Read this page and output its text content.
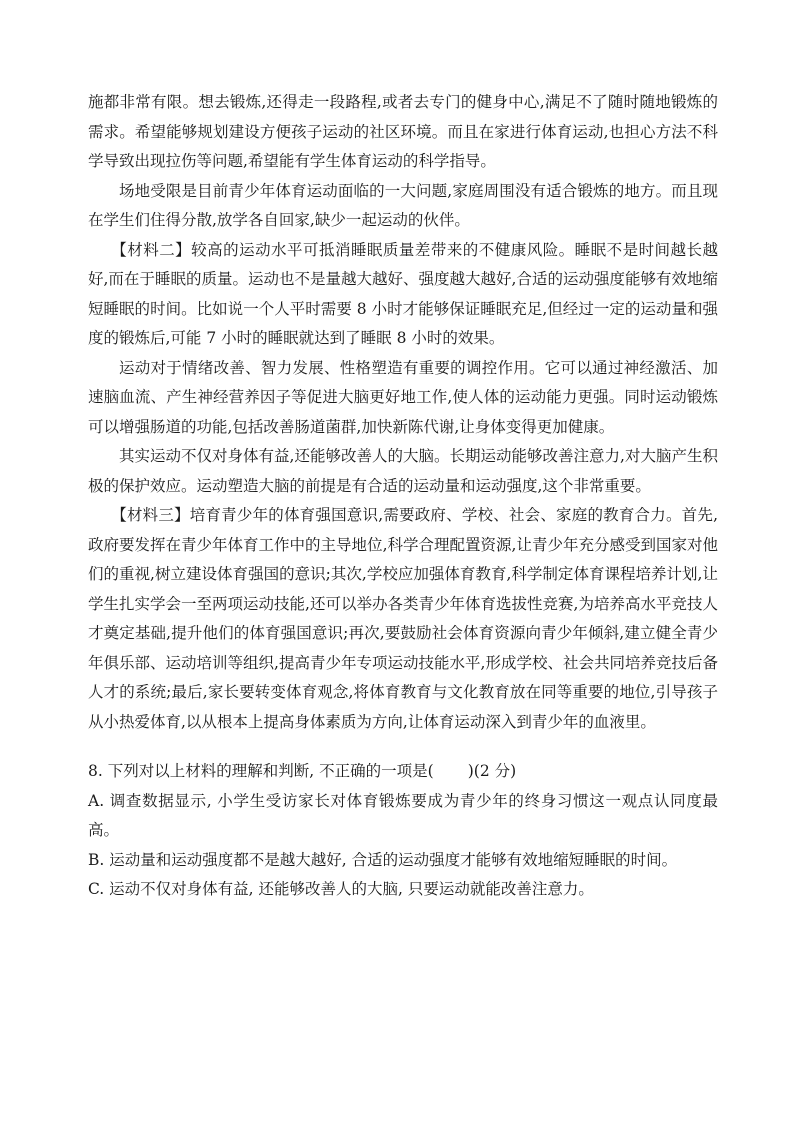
施都非常有限。想去锻炼,还得走一段路程,或者去专门的健身中心,满足不了随时随地锻炼的需求。希望能够规划建设方便孩子运动的社区环境。而且在家进行体育运动,也担心方法不科学导致出现拉伤等问题,希望能有学生体育运动的科学指导。

场地受限是目前青少年体育运动面临的一大问题,家庭周围没有适合锻炼的地方。而且现在学生们住得分散,放学各自回家,缺少一起运动的伙伴。

【材料二】较高的运动水平可抵消睡眠质量差带来的不健康风险。睡眠不是时间越长越好,而在于睡眠的质量。运动也不是量越大越好、强度越大越好,合适的运动强度能够有效地缩短睡眠的时间。比如说一个人平时需要 8 小时才能够保证睡眠充足,但经过一定的运动量和强度的锻炼后,可能 7 小时的睡眠就达到了睡眠 8 小时的效果。

运动对于情绪改善、智力发展、性格塑造有重要的调控作用。它可以通过神经激活、加速脑血流、产生神经营养因子等促进大脑更好地工作,使人体的运动能力更强。同时运动锻炼可以增强肠道的功能,包括改善肠道菌群,加快新陈代谢,让身体变得更加健康。

其实运动不仅对身体有益,还能够改善人的大脑。长期运动能够改善注意力,对大脑产生积极的保护效应。运动塑造大脑的前提是有合适的运动量和运动强度,这个非常重要。

【材料三】培育青少年的体育强国意识,需要政府、学校、社会、家庭的教育合力。首先,政府要发挥在青少年体育工作中的主导地位,科学合理配置资源,让青少年充分感受到国家对他们的重视,树立建设体育强国的意识;其次,学校应加强体育教育,科学制定体育课程培养计划,让学生扎实学会一至两项运动技能,还可以举办各类青少年体育选拔性竞赛,为培养高水平竞技人才奠定基础,提升他们的体育强国意识;再次,要鼓励社会体育资源向青少年倾斜,建立健全青少年俱乐部、运动培训等组织,提高青少年专项运动技能水平,形成学校、社会共同培养竞技后备人才的系统;最后,家长要转变体育观念,将体育教育与文化教育放在同等重要的地位,引导孩子从小热爱体育,以从根本上提高身体素质为方向,让体育运动深入到青少年的血液里。

8. 下列对以上材料的理解和判断, 不正确的一项是( )(2 分)

A. 调查数据显示, 小学生受访家长对体育锻炼要成为青少年的终身习惯这一观点认同度最高。

B. 运动量和运动强度都不是越大越好, 合适的运动强度才能够有效地缩短睡眠的时间。

C. 运动不仅对身体有益, 还能够改善人的大脑, 只要运动就能改善注意力。
